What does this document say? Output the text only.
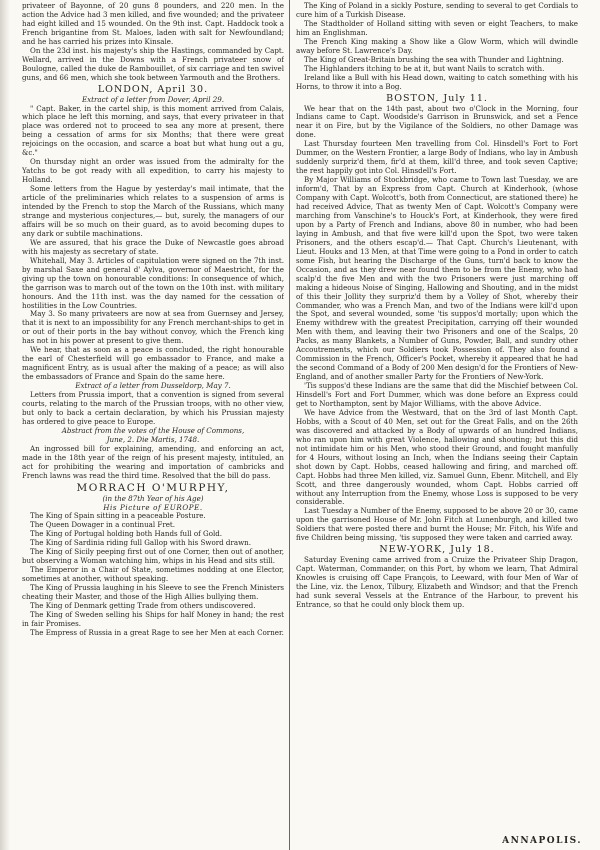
privateer of Bayonne, of 20 guns 8 pounders, and 220 men. In the action the Advice had 3 men killed, and five wounded; and the privateer had eight killed and 15 wounded. On the 9th inst. Capt. Haddock took a French brigantine from St. Maloes, laden with salt for Newfoundland; and he has carried his prizes into Kinsale.

On the 23d inst. his majesty's ship the Hastings, commanded by Capt. Wellard, arrived in the Downs with a French privateer snow of Boulogne, called the duke de Rambouillet, of six carriage and ten swivel guns, and 66 men, which she took between Yarmouth and the Brothers.

LONDON, April 30.

Extract of a letter from Dover, April 29.

" Capt. Baker, in the cartel ship, is this moment arrived from Calais, which place he left this morning, and says, that every privateer in that place was ordered not to proceed to sea any more at present, there being a cessation of arms for six Months; that there were great rejoicings on the occasion, and scarce a boat but what hung out a gu, &c."

On thursday night an order was issued from the admiralty for the Yatchs to be got ready with all expedition, to carry his majesty to Holland.

Some letters from the Hague by yesterday's mail intimate, that the article of the preliminaries which relates to a suspension of arms is intended by the French to stop the March of the Russians, which many strange and mysterious conjectures,— but, surely, the managers of our affairs will be so much on their guard, as to avoid becoming dupes to any dark or subtile machinations.

We are assured, that his grace the Duke of Newcastle goes abroad with his majesty as secretary of state.

Whitehall, May 3. Articles of capitulation were signed on the 7th inst. by marshal Saxe and general d' Aylva, governor of Maestricht, for the giving up the town on honourable conditions: In consequence of which, the garrison was to march out of the town on the 10th inst. with military honours. And the 11th inst. was the day named for the cessation of hostilities in the Low Countries.

May 3. So many privateers are now at sea from Guernsey and Jersey, that it is next to an impossibility for any French merchant-ships to get in or out of their ports in the bay without convoy, which the French king has not in his power at present to give them.

We hear, that as soon as a peace is concluded, the right honourable the earl of Chesterfield will go embassador to France, and make a magnificent Entry, as is usual after the making of a peace; as will also the embassadors of France and Spain do the same here.

Extract of a letter from Dusseldorp, May 7.

Letters from Prussia import, that a convention is signed from several courts, relating to the march of the Prussian troops, with no other view, but only to back a certain declaration, by which his Prussian majesty has ordered to give peace to Europe.

Abstract from the votes of the House of Commons,

June, 2. Die Martis, 1748.

An ingrossed bill for explaining, amending, and enforcing an act, made in the 18th year of the reign of his present majesty, intituled, an act for prohibiting the wearing and importation of cambricks and French lawns was read the third time. Resolved that the bill do pass.

MORRACH O'MURPHY,

(in the 87th Year of his Age)

His Picture of EUROPE.

The King of Spain sitting in a peaceable Posture.

The Queen Dowager in a continual Fret.

The King of Portugal holding both Hands full of Gold.

The King of Sardinia riding full Gallop with his Sword drawn.

The King of Sicily peeping first out of one Corner, then out of another, but observing a Woman watching him, whips in his Head and sits still.

The Emperor in a Chair of State, sometimes nodding at one Elector, sometimes at another, without speaking.

The King of Prussia laughing in his Sleeve to see the French Ministers cheating their Master, and those of the High Allies bullying them.

The King of Denmark getting Trade from others undiscovered.

The King of Sweden selling his Ships for half Money in hand; the rest in fair Promises.

The Empress of Russia in a great Rage to see her Men at each Corner.

The King of Poland in a sickly Posture, sending to several to get Cordials to cure him of a Turkish Disease.

The Stadtholder of Holland sitting with seven or eight Teachers, to make him an Englishman.

The French King making a Show like a Glow Worm, which will dwindle away before St. Lawrence's Day.

The King of Great-Britain brushing the sea with Thunder and Lightning.

The Highlanders itching to be at it, but want Nails to scratch with.

Ireland like a Bull with his Head down, waiting to catch something with his Horns, to throw it into a Bog.

BOSTON, July 11.

We hear that on the 14th past, about two o'Clock in the Morning, four Indians came to Capt. Woodside's Garrison in Brunswick, and set a Fence near it on Fire, but by the Vigilance of the Soldiers, no other Damage was done.

Last Thursday fourteen Men travelling from Col. Hinsdell's Fort to Fort Dummer, on the Western Frontier, a large Body of Indians, who lay in Ambush suddenly surpriz'd them, fir'd at them, kill'd three, and took seven Captive; the rest happily got into Col. Hinsdell's Fort.

By Major Williams of Stockbridge, who came to Town last Tuesday, we are inform'd, That by an Express from Capt. Church at Kinderhook, (whose Company with Capt. Wolcott's, both from Connecticut, are stationed there) he had received Advice, That as twenty Men of Capt. Wolcott's Company were marching from Vanschine's to Houck's Fort, at Kinderhook, they were fired upon by a Party of French and Indians, above 80 in number, who had been laying in Ambush, and that five were kill'd upon the Spot, two were taken Prisoners, and the others escap'd.— That Capt. Church's Lieutenant, with Lieut. Houks and 13 Men, at that Time were going to a Pond in order to catch some Fish, but hearing the Discharge of the Guns, turn'd back to know the Occasion, and as they drew near found them to be from the Enemy, who had scalp'd the five Men and with the two Prisoners were just marching off making a hideous Noise of Singing, Hallowing and Shouting, and in the midst of this their Jollity they surpriz'd them by a Volley of Shot, whereby their Commander, who was a French Man, and two of the Indians were kill'd upon the Spot, and several wounded, some 'tis suppos'd mortally; upon which the Enemy withdrew with the greatest Precipitation, carrying off their wounded Men with them, and leaving their two Prisoners and one of the Scalps, 20 Packs, as many Blankets, a Number of Guns, Powder, Ball, and sundry other Accoutrements, which our Soldiers took Possession of. They also found a Commission in the French, Officer's Pocket, whereby it appeared that he had the second Command of a Body of 200 Men design'd for the Frontiers of New-England, and of another smaller Party for the Frontiers of New-York.

'Tis suppos'd these Indians are the same that did the Mischief between Col. Hinsdell's Fort and Fort Dummer, which was done before an Express could get to Northampton, sent by Major Williams, with the above Advice.

We have Advice from the Westward, that on the 3rd of last Month Capt. Hobbs, with a Scout of 40 Men, set out for the Great Falls, and on the 26th was discovered and attacked by a Body of upwards of an hundred Indians, who ran upon him with great Violence, hallowing and shouting; but this did not intimidate him or his Men, who stood their Ground, and fought manfully for 4 Hours, without losing an Inch, when the Indians seeing their Captain shot down by Capt. Hobbs, ceased hallowing and firing, and marched off. Capt. Hobbs had three Men killed, viz. Samuel Gunn, Ebenr. Mitchell, and Ely Scott, and three dangerously wounded, whom Capt. Hobbs carried off without any Interruption from the Enemy, whose Loss is supposed to be very considerable.

Last Tuesday a Number of the Enemy, supposed to be above 20 or 30, came upon the garrisoned House of Mr. John Fitch at Lunenburgh, and killed two Soldiers that were posted there and burnt the House; Mr. Fitch, his Wife and five Children being missing, 'tis supposed they were taken and carried away.

NEW-YORK, July 18.

Saturday Evening came arrived from a Cruize the Privateer Ship Dragon, Capt. Waterman, Commander, on this Port, by whom we learn, That Admiral Knowles is cruising off Cape François, to Leeward, with four Men of War of the Line, viz. the Lenox, Tilbury, Elizabeth and Windsor; and that the French had sunk several Vessels at the Entrance of the Harbour, to prevent his Entrance, so that he could only block them up.

ANNAPOLIS.
